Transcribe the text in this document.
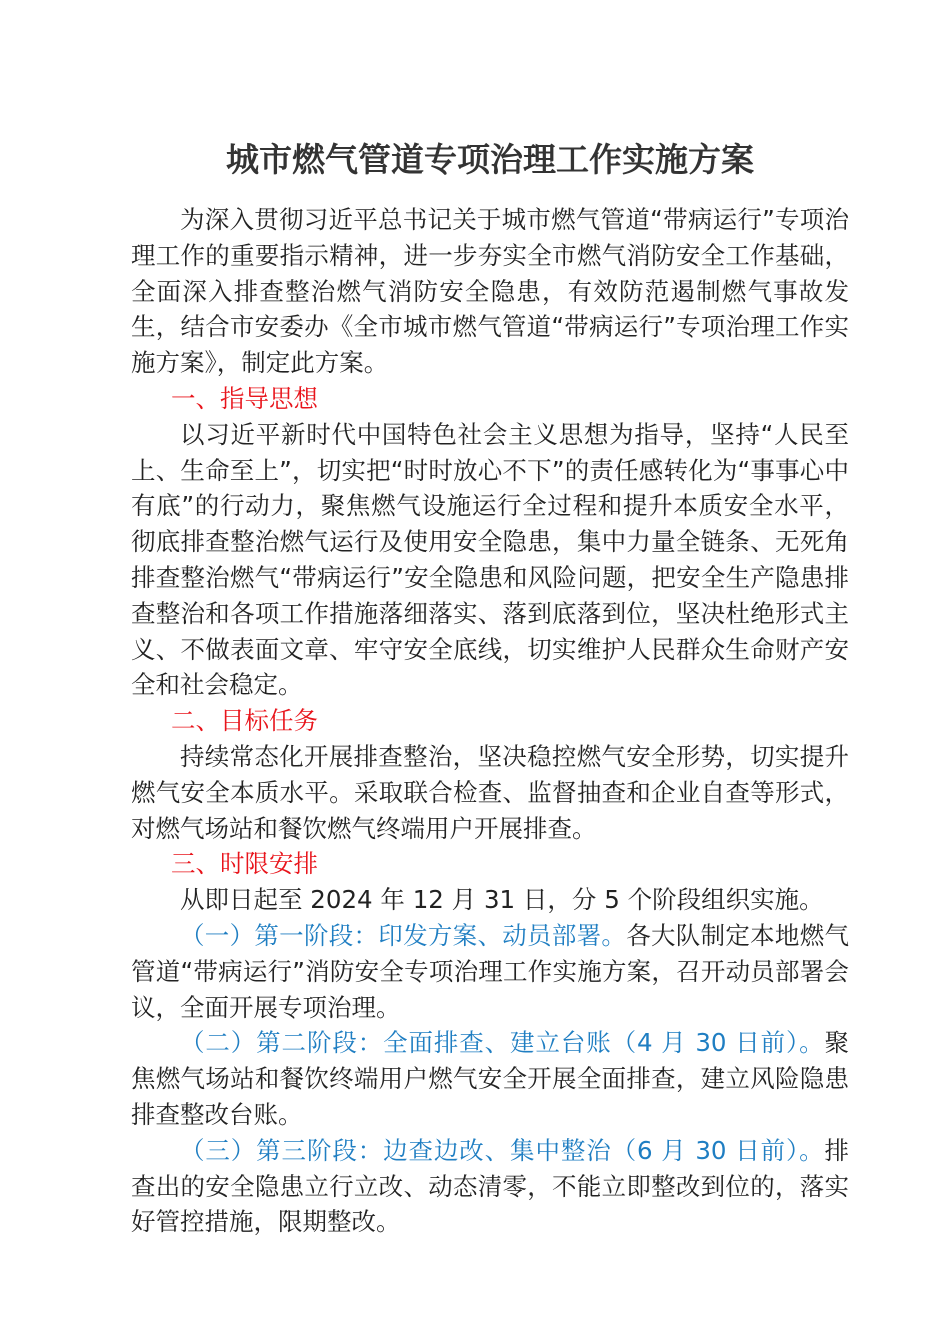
城市燃气管道专项治理工作实施方案

为深入贯彻习近平总书记关于城市燃气管道“带病运行”专项治理工作的重要指示精神，进一步夯实全市燃气消防安全工作基础，全面深入排查整治燃气消防安全隐患，有效防范遏制燃气事故发生，结合市安委办《全市城市燃气管道“带病运行”专项治理工作实施方案》，制定此方案。

一、指导思想

以习近平新时代中国特色社会主义思想为指导，坚持“人民至上、生命至上”，切实把“时时放心不下”的责任感转化为“事事心中有底”的行动力，聚焦燃气设施运行全过程和提升本质安全水平，彻底排查整治燃气运行及使用安全隐患，集中力量全链条、无死角排查整治燃气“带病运行”安全隐患和风险问题，把安全生产隐患排查整治和各项工作措施落细落实、落到底落到位，坚决杜绝形式主义、不做表面文章、牢守安全底线，切实维护人民群众生命财产安全和社会稳定。

二、目标任务

持续常态化开展排查整治，坚决稳控燃气安全形势，切实提升燃气安全本质水平。采取联合检查、监督抽查和企业自查等形式，对燃气场站和餐饮燃气终端用户开展排查。

三、时限安排

从即日起至 2024 年 12 月 31 日，分 5 个阶段组织实施。

（一）第一阶段：印发方案、动员部署。各大队制定本地燃气管道“带病运行”消防安全专项治理工作实施方案，召开动员部署会议，全面开展专项治理。

（二）第二阶段：全面排查、建立台账（4 月 30 日前）。聚焦燃气场站和餐饮终端用户燃气安全开展全面排查，建立风险隐患排查整改台账。

（三）第三阶段：边查边改、集中整治（6 月 30 日前）。排查出的安全隐患立行立改、动态清零，不能立即整改到位的，落实好管控措施，限期整改。
